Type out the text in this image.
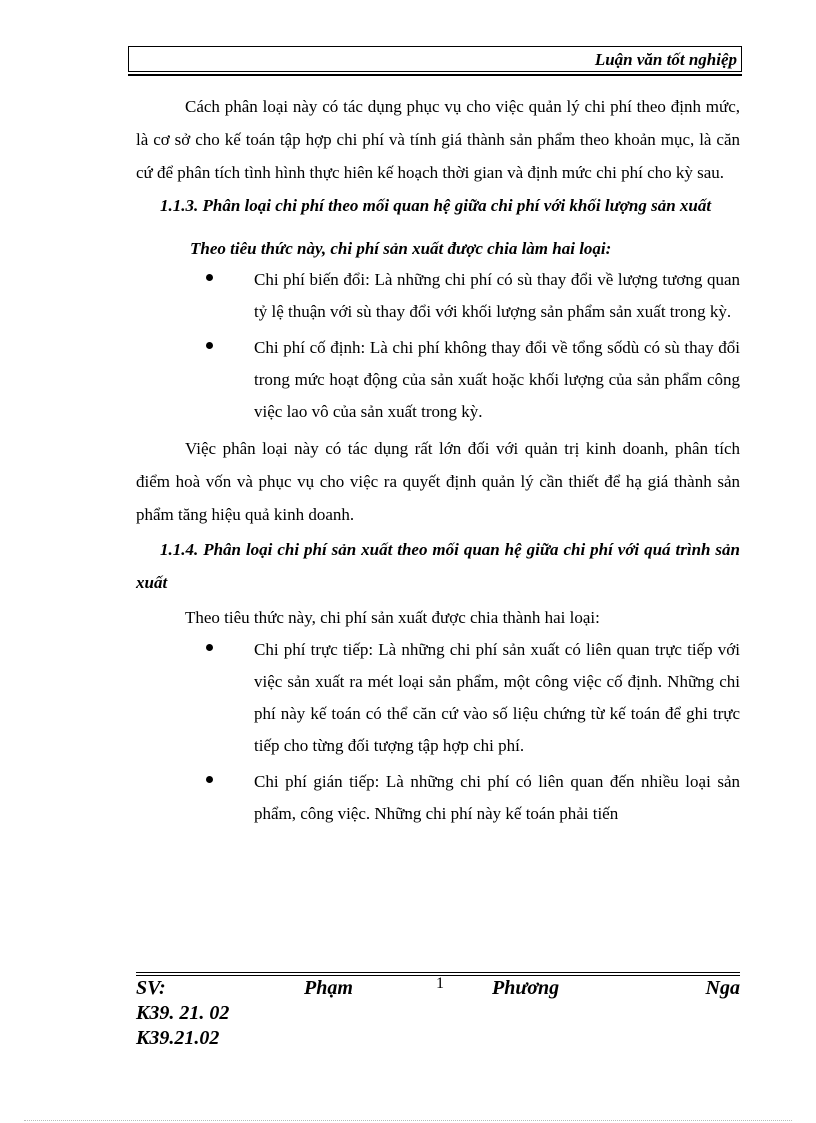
Luận văn tốt nghiệp

Cách phân loại này có tác dụng phục vụ cho việc quản lý chi phí theo định mức, là cơ sở cho kế toán tập hợp chi phí và tính giá thành sản phẩm theo khoản mục, là căn cứ để phân tích tình hình thực hiên kế hoạch thời gian và định mức chi phí cho kỳ sau.

1.1.3. Phân loại chi phí theo mối quan hệ giữa chi phí với khối lượng sản xuất

Theo tiêu thức này, chi phí sản xuất được chia làm hai loại:

Chi phí biến đổi: Là những chi phí có sù thay đổi về lượng tương quan tỷ lệ thuận với sù thay đổi với khối lượng sản phẩm sản xuất trong kỳ.
Chi phí cố định: Là chi phí không thay đổi về tổng sốdù có sù thay đổi trong mức hoạt động của sản xuất hoặc khối lượng của sản phẩm công việc lao vô của sản xuất trong kỳ.

Việc phân loại này có tác dụng rất lớn đối với quản trị kinh doanh, phân tích điểm hoà vốn và phục vụ cho việc ra quyết định quản lý cần thiết để hạ giá thành sản phẩm tăng hiệu quả kinh doanh.

1.1.4. Phân loại chi phí sản xuất theo mối quan hệ giữa chi phí với quá trình sản xuất

Theo tiêu thức này, chi phí sản xuất được chia thành hai loại:

Chi phí trực tiếp: Là những chi phí sản xuất có liên quan trực tiếp với việc sản xuất ra mét loại sản phẩm, một công việc cố định. Những chi phí này kế toán có thể căn cứ vào số liệu chứng từ kế toán để ghi trực tiếp cho từng đối tượng tập hợp chi phí.
Chi phí gián tiếp: Là những chi phí có liên quan đến nhiều loại sản phẩm, công việc. Những chi phí này kế toán phải tiến
SV:	Phạm	1 Phương	Nga
K39. 21. 02
K39.21.02
